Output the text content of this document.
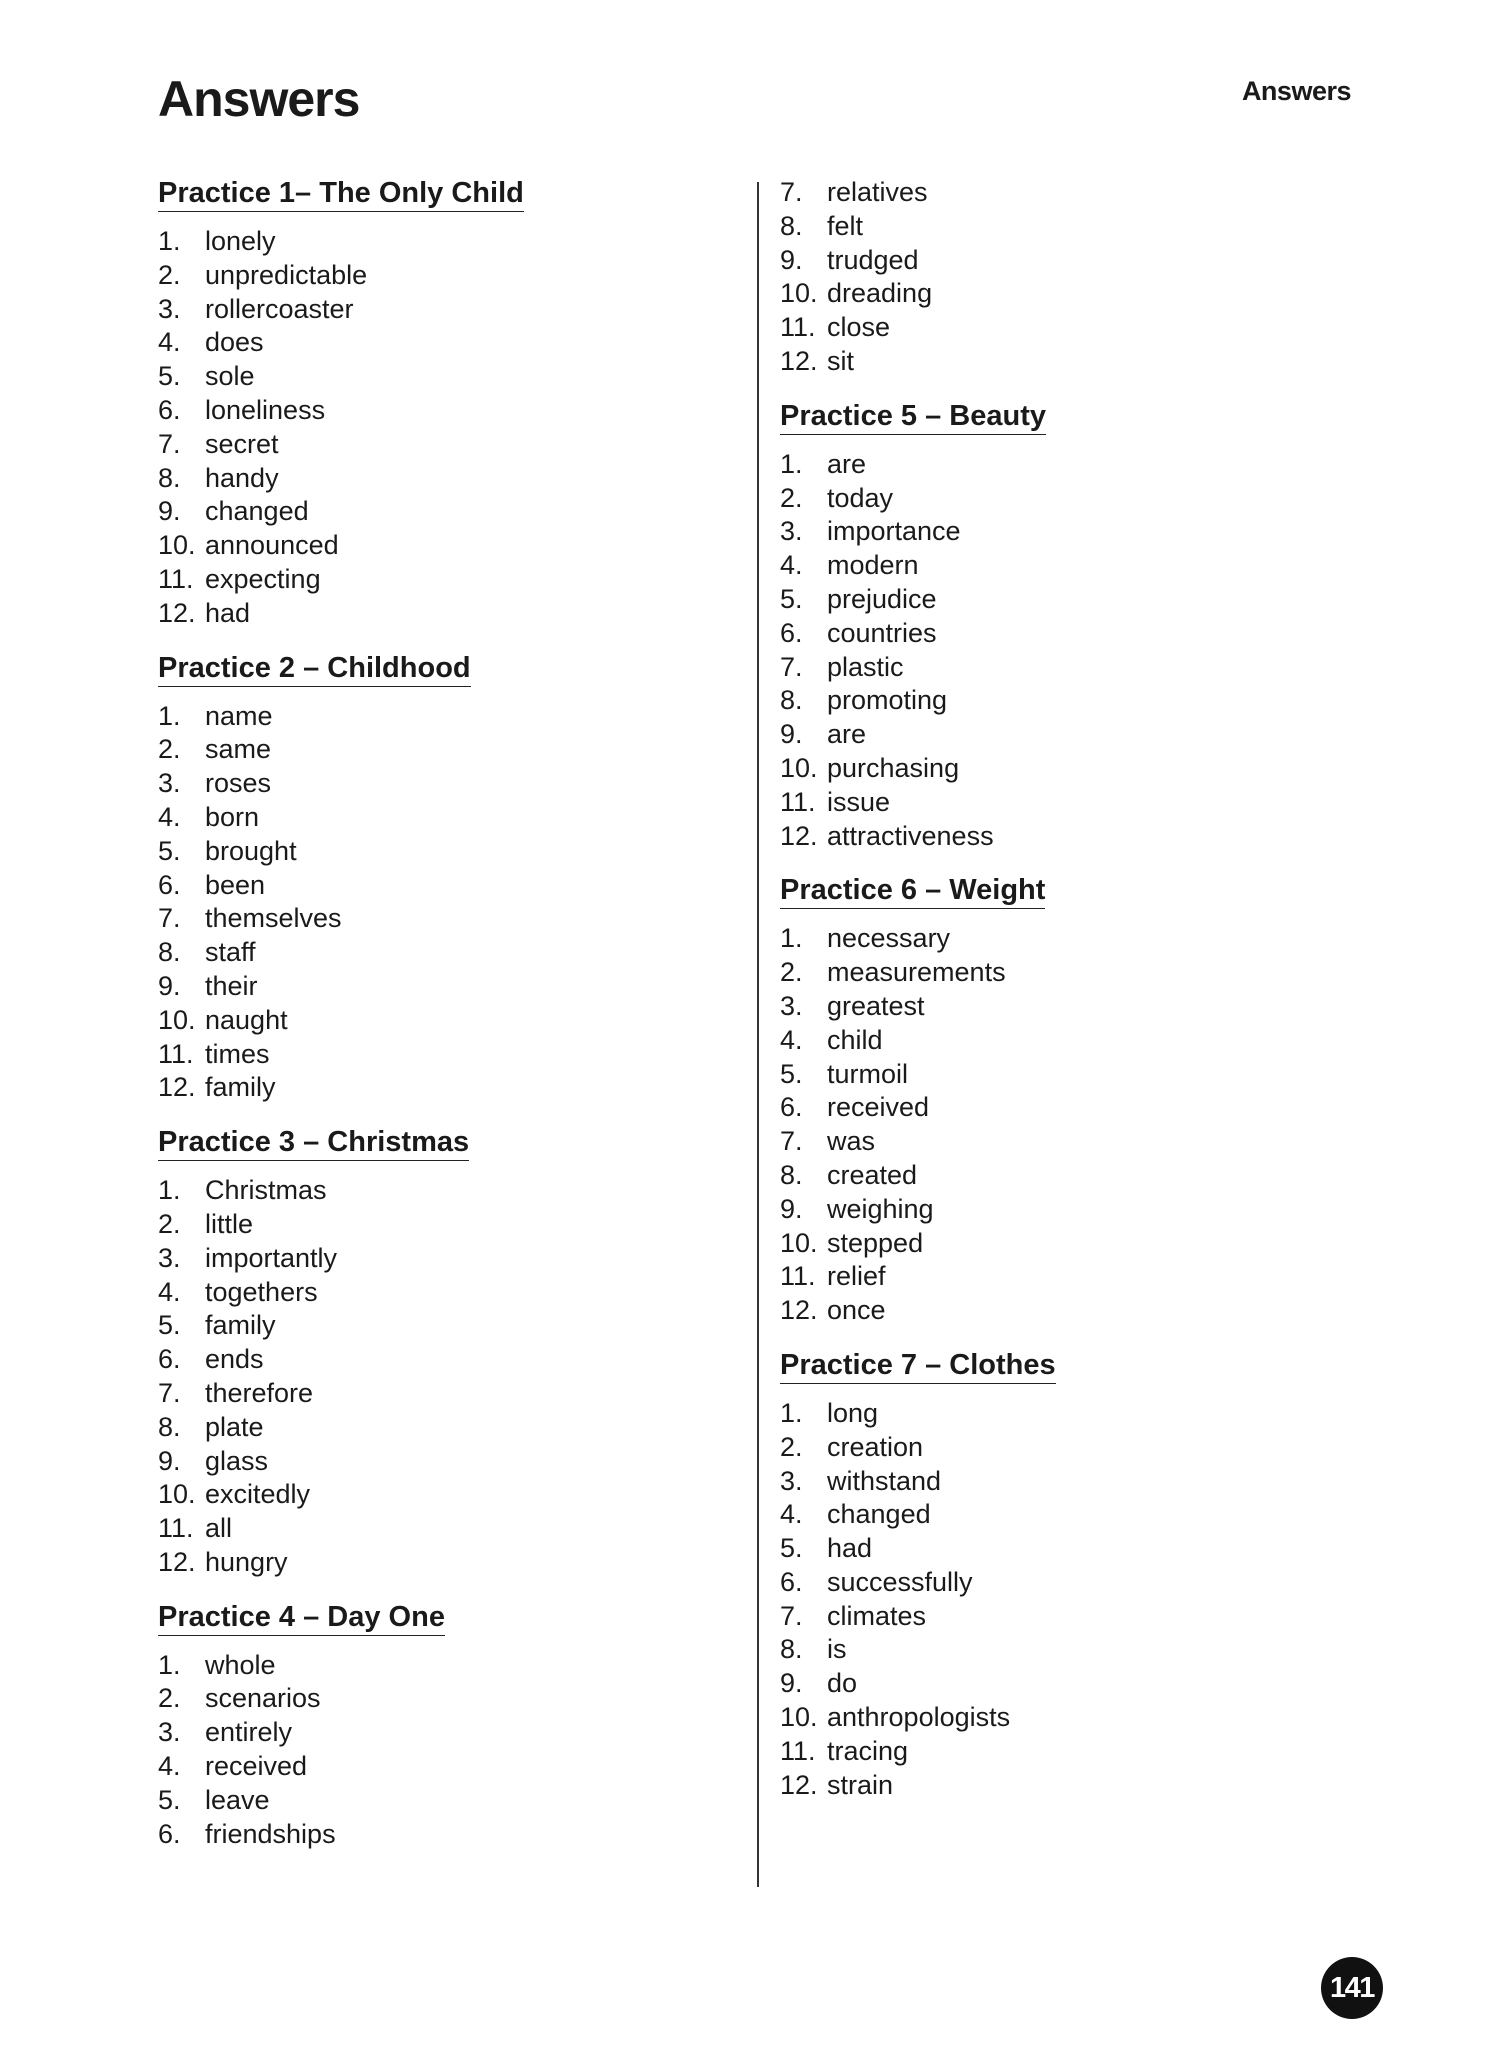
Answers	Answers
Practice 1– The Only Child
1. lonely
2. unpredictable
3. rollercoaster
4. does
5. sole
6. loneliness
7. secret
8. handy
9. changed
10. announced
11. expecting
12. had
Practice 2 – Childhood
1. name
2. same
3. roses
4. born
5. brought
6. been
7. themselves
8. staff
9. their
10. naught
11. times
12. family
Practice 3 – Christmas
1. Christmas
2. little
3. importantly
4. togethers
5. family
6. ends
7. therefore
8. plate
9. glass
10. excitedly
11. all
12. hungry
Practice 4 – Day One
1. whole
2. scenarios
3. entirely
4. received
5. leave
6. friendships
7. relatives
8. felt
9. trudged
10. dreading
11. close
12. sit
Practice 5 – Beauty
1. are
2. today
3. importance
4. modern
5. prejudice
6. countries
7. plastic
8. promoting
9. are
10. purchasing
11. issue
12. attractiveness
Practice 6 – Weight
1. necessary
2. measurements
3. greatest
4. child
5. turmoil
6. received
7. was
8. created
9. weighing
10. stepped
11. relief
12. once
Practice 7 – Clothes
1. long
2. creation
3. withstand
4. changed
5. had
6. successfully
7. climates
8. is
9. do
10. anthropologists
11. tracing
12. strain
141
